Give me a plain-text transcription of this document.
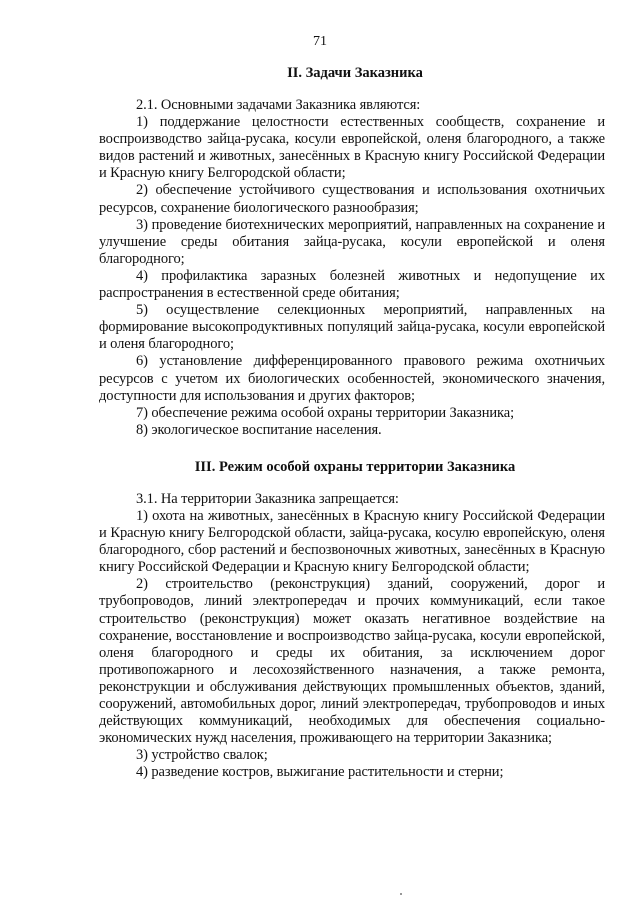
71

II. Задачи Заказника

2.1. Основными задачами Заказника являются:

1) поддержание целостности естественных сообществ, сохранение и воспроизводство зайца-русака, косули европейской, оленя благородного, а также видов растений и животных, занесённых в Красную книгу Российской Федерации и Красную книгу Белгородской области;

2) обеспечение устойчивого существования и использования охотничьих ресурсов, сохранение биологического разнообразия;

3) проведение биотехнических мероприятий, направленных на сохранение и улучшение среды обитания зайца-русака, косули европейской и оленя благородного;

4) профилактика заразных болезней животных и недопущение их распространения в естественной среде обитания;

5) осуществление селекционных мероприятий, направленных на формирование высокопродуктивных популяций зайца-русака, косули европейской и оленя благородного;

6) установление дифференцированного правового режима охотничьих ресурсов с учетом их биологических особенностей, экономического значения, доступности для использования и других факторов;

7) обеспечение режима особой охраны территории Заказника;

8) экологическое воспитание населения.

III. Режим особой охраны территории Заказника

3.1. На территории Заказника запрещается:

1) охота на животных, занесённых в Красную книгу Российской Федерации и Красную книгу Белгородской области, зайца-русака, косулю европейскую, оленя благородного, сбор растений и беспозвоночных животных, занесённых в Красную книгу Российской Федерации и Красную книгу Белгородской области;

2) строительство (реконструкция) зданий, сооружений, дорог и трубопроводов, линий электропередач и прочих коммуникаций, если такое строительство (реконструкция) может оказать негативное воздействие на сохранение, восстановление и воспроизводство зайца-русака, косули европейской, оленя благородного и среды их обитания, за исключением дорог противопожарного и лесохозяйственного назначения, а также ремонта, реконструкции и обслуживания действующих промышленных объектов, зданий, сооружений, автомобильных дорог, линий электропередач, трубопроводов и иных действующих коммуникаций, необходимых для обеспечения социально-экономических нужд населения, проживающего на территории Заказника;

3) устройство свалок;

4) разведение костров, выжигание растительности и стерни;
